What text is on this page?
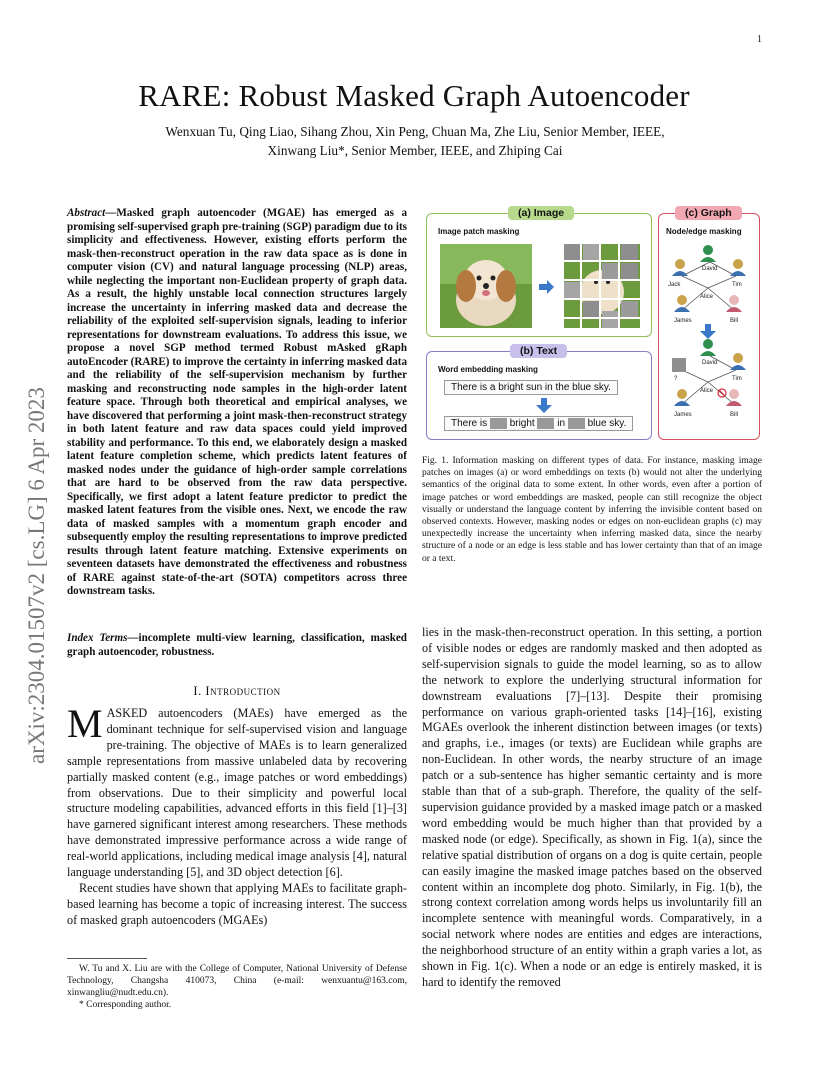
1
arXiv:2304.01507v2 [cs.LG] 6 Apr 2023
RARE: Robust Masked Graph Autoencoder
Wenxuan Tu, Qing Liao, Sihang Zhou, Xin Peng, Chuan Ma, Zhe Liu, Senior Member, IEEE,
Xinwang Liu*, Senior Member, IEEE, and Zhiping Cai
Abstract—Masked graph autoencoder (MGAE) has emerged as a promising self-supervised graph pre-training (SGP) paradigm due to its simplicity and effectiveness. However, existing efforts perform the mask-then-reconstruct operation in the raw data space as is done in computer vision (CV) and natural language processing (NLP) areas, while neglecting the important non-Euclidean property of graph data. As a result, the highly unstable local connection structures largely increase the uncertainty in inferring masked data and decrease the reliability of the exploited self-supervision signals, leading to inferior representations for downstream evaluations. To address this issue, we propose a novel SGP method termed Robust mAsked gRaph autoEncoder (RARE) to improve the certainty in inferring masked data and the reliability of the self-supervision mechanism by further masking and reconstructing node samples in the high-order latent feature space. Through both theoretical and empirical analyses, we have discovered that performing a joint mask-then-reconstruct strategy in both latent feature and raw data spaces could yield improved stability and performance. To this end, we elaborately design a masked latent feature completion scheme, which predicts latent features of masked nodes under the guidance of high-order sample correlations that are hard to be observed from the raw data perspective. Specifically, we first adopt a latent feature predictor to predict the masked latent features from the visible ones. Next, we encode the raw data of masked samples with a momentum graph encoder and subsequently employ the resulting representations to improve predicted results through latent feature matching. Extensive experiments on seventeen datasets have demonstrated the effectiveness and robustness of RARE against state-of-the-art (SOTA) competitors across three downstream tasks.
Index Terms—incomplete multi-view learning, classification, masked graph autoencoder, robustness.
I. Introduction

MASKED autoencoders (MAEs) have emerged as the dominant technique for self-supervised vision and language pre-training. The objective of MAEs is to learn generalized sample representations from massive unlabeled data by recovering partially masked content (e.g., image patches or word embeddings) from observations. Due to their simplicity and powerful local structure modeling capabilities, advanced efforts in this field [1]–[3] have garnered significant interest among researchers. These methods have demonstrated impressive performance across a wide range of real-world applications, including medical image analysis [4], natural language understanding [5], and 3D object detection [6].

Recent studies have shown that applying MAEs to facilitate graph-based learning has become a topic of increasing interest. The success of masked graph autoencoders (MGAEs)

W. Tu and X. Liu are with the College of Computer, National University of Defense Technology, Changsha 410073, China (e-mail: wenxuantu@163.com, xinwangliu@nudt.edu.cn).

* Corresponding author.

(a) Image
Image patch masking
(b) Text
Word embedding masking
There is a bright sun in the blue sky.
There is bright in blue sky.
(c) Graph
Node/edge masking
David
Jack	Tim
Alice
James	Bill
David
?	Tim
Alice
James	Bill
Fig. 1. Information masking on different types of data. For instance, masking image patches on images (a) or word embeddings on texts (b) would not alter the underlying semantics of the original data to some extent. In other words, even after a portion of image patches or word embeddings are masked, people can still recognize the object visually or understand the language content by inferring the invisible content based on observed contexts. However, masking nodes or edges on non-euclidean graphs (c) may unexpectedly increase the uncertainty when inferring masked data, since the nearby structure of a node or an edge is less stable and has lower certainty than that of an image or a text.
lies in the mask-then-reconstruct operation. In this setting, a portion of visible nodes or edges are randomly masked and then adopted as self-supervision signals to guide the model learning, so as to allow the network to explore the underlying structural information for downstream evaluations [7]–[13]. Despite their promising performance on various graph-oriented tasks [14]–[16], existing MGAEs overlook the inherent distinction between images (or texts) and graphs, i.e., images (or texts) are Euclidean while graphs are non-Euclidean. In other words, the nearby structure of an image patch or a sub-sentence has higher semantic certainty and is more stable than that of a sub-graph. Therefore, the quality of the self-supervision guidance provided by a masked image patch or a masked word embedding would be much higher than that provided by a masked node (or edge). Specifically, as shown in Fig. 1(a), since the relative spatial distribution of organs on a dog is quite certain, people can easily imagine the masked image patches based on the observed content within an incomplete dog photo. Similarly, in Fig. 1(b), the strong context correlation among words helps us involuntarily fill an incomplete sentence with meaningful words. Comparatively, in a social network where nodes are entities and edges are interactions, the neighborhood structure of an entity within a graph varies a lot, as shown in Fig. 1(c). When a node or an edge is entirely masked, it is hard to identify the removed
